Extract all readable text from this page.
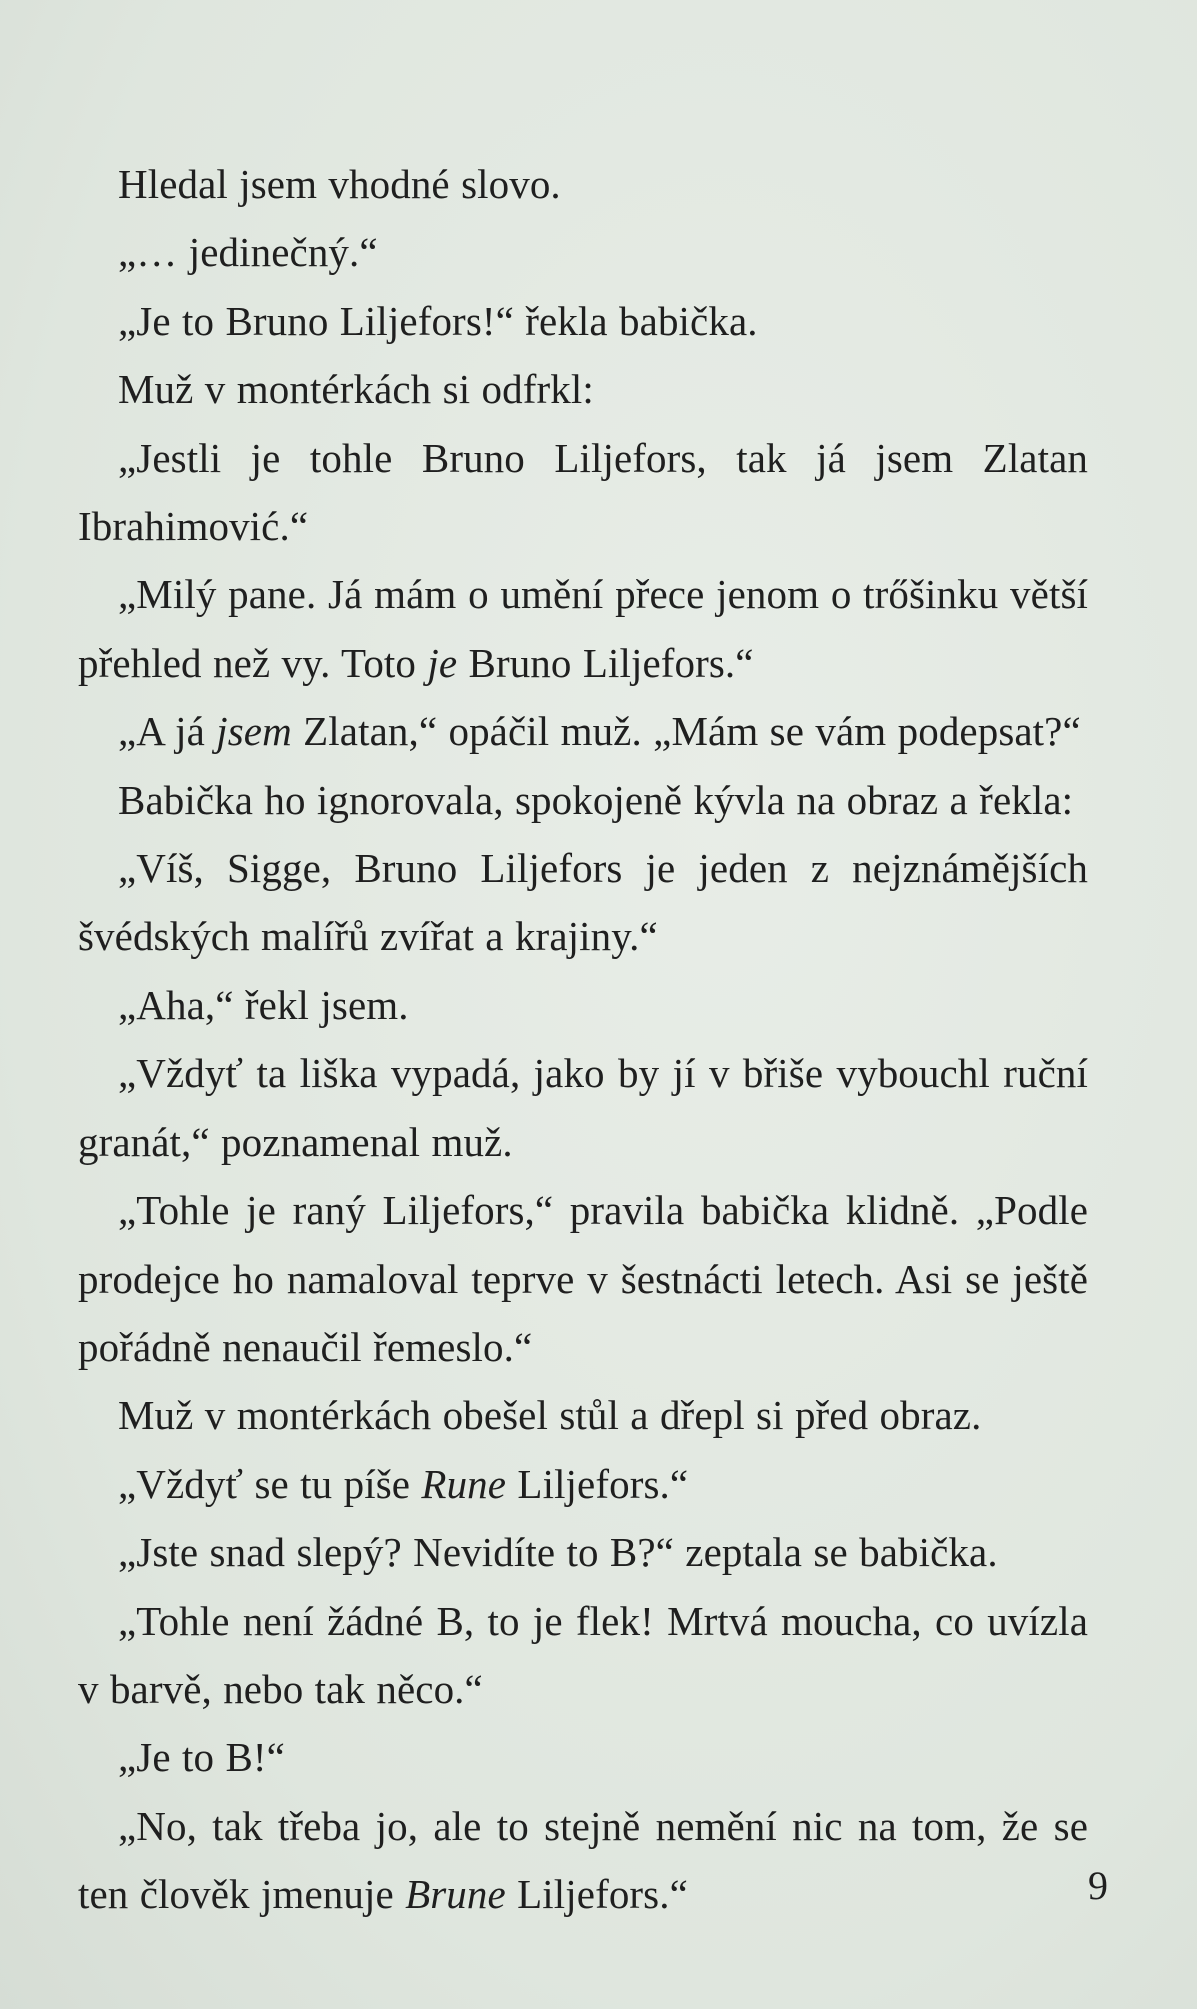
Hledal jsem vhodné slovo.

„… jedinečný.“

„Je to Bruno Liljefors!“ řekla babička.

Muž v montérkách si odfrkl:

„Jestli je tohle Bruno Liljefors, tak já jsem Zlatan Ibrahimović.“

„Milý pane. Já mám o umění přece jenom o trőšinku větší přehled než vy. Toto je Bruno Liljefors.“

„A já jsem Zlatan,“ opáčil muž. „Mám se vám podepsat?“

Babička ho ignorovala, spokojeně kývla na obraz a řekla:

„Víš, Sigge, Bruno Liljefors je jeden z nejznámějších švédských malířů zvířat a krajiny.“

„Aha,“ řekl jsem.

„Vždyť ta liška vypadá, jako by jí v břiše vybouchl ruční granát,“ poznamenal muž.

„Tohle je raný Liljefors,“ pravila babička klidně. „Podle prodejce ho namaloval teprve v šestnácti letech. Asi se ještě pořádně nenaučil řemeslo.“

Muž v montérkách obešel stůl a dřepl si před obraz.

„Vždyť se tu píše Rune Liljefors.“

„Jste snad slepý? Nevidíte to B?“ zeptala se babička.

„Tohle není žádné B, to je flek! Mrtvá moucha, co uvízla v barvě, nebo tak něco.“

„Je to B!“

„No, tak třeba jo, ale to stejně nemění nic na tom, že se ten člověk jmenuje Brune Liljefors.“	9
